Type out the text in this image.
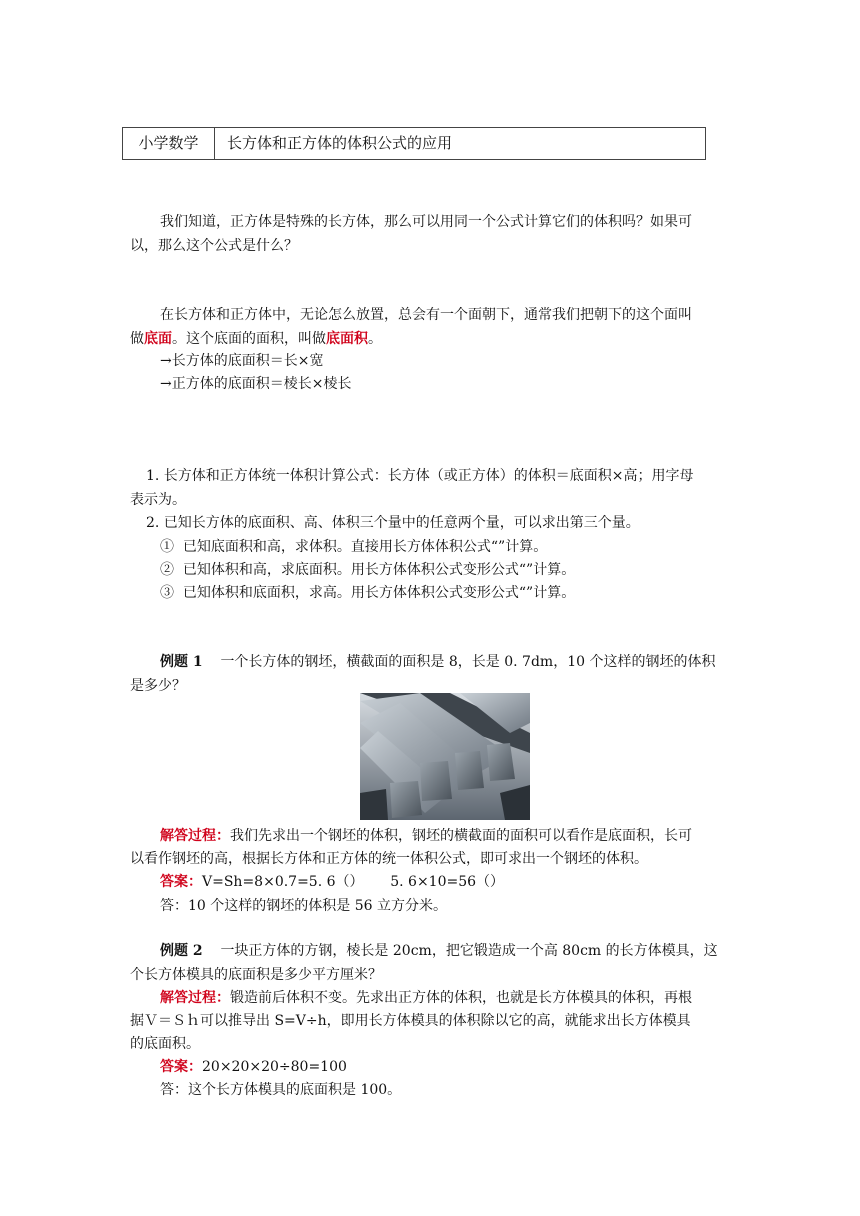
小学数学	长方体和正方体的体积公式的应用
我们知道，正方体是特殊的长方体，那么可以用同一个公式计算它们的体积吗？如果可
以，那么这个公式是什么？
在长方体和正方体中，无论怎么放置，总会有一个面朝下，通常我们把朝下的这个面叫
做底面。这个底面的面积，叫做底面积。
→长方体的底面积＝长×宽
→正方体的底面积＝棱长×棱长
1. 长方体和正方体统一体积计算公式：长方体（或正方体）的体积＝底面积×高；用字母
表示为。
2. 已知长方体的底面积、高、体积三个量中的任意两个量，可以求出第三个量。
①  已知底面积和高，求体积。直接用长方体体积公式“”计算。
②  已知体积和高，求底面积。用长方体体积公式变形公式“”计算。
③  已知体积和底面积，求高。用长方体体积公式变形公式“”计算。
例题 1 一个长方体的钢坯，横截面的面积是 8，长是 0. 7dm，10 个这样的钢坯的体积
是多少？
解答过程：我们先求出一个钢坯的体积，钢坯的横截面的面积可以看作是底面积，长可
以看作钢坯的高，根据长方体和正方体的统一体积公式，即可求出一个钢坯的体积。
答案：V=Sh=8×0.7=5. 6（）      5. 6×10=56（）
答：10 个这样的钢坯的体积是 56 立方分米。
例题 2 一块正方体的方钢，棱长是 20cm，把它锻造成一个高 80cm 的长方体模具，这
个长方体模具的底面积是多少平方厘米？
解答过程：锻造前后体积不变。先求出正方体的体积，也就是长方体模具的体积，再根
据Ｖ＝Ｓｈ可以推导出 S=V÷h，即用长方体模具的体积除以它的高，就能求出长方体模具
的底面积。
答案：20×20×20÷80=100
答：这个长方体模具的底面积是 100。
